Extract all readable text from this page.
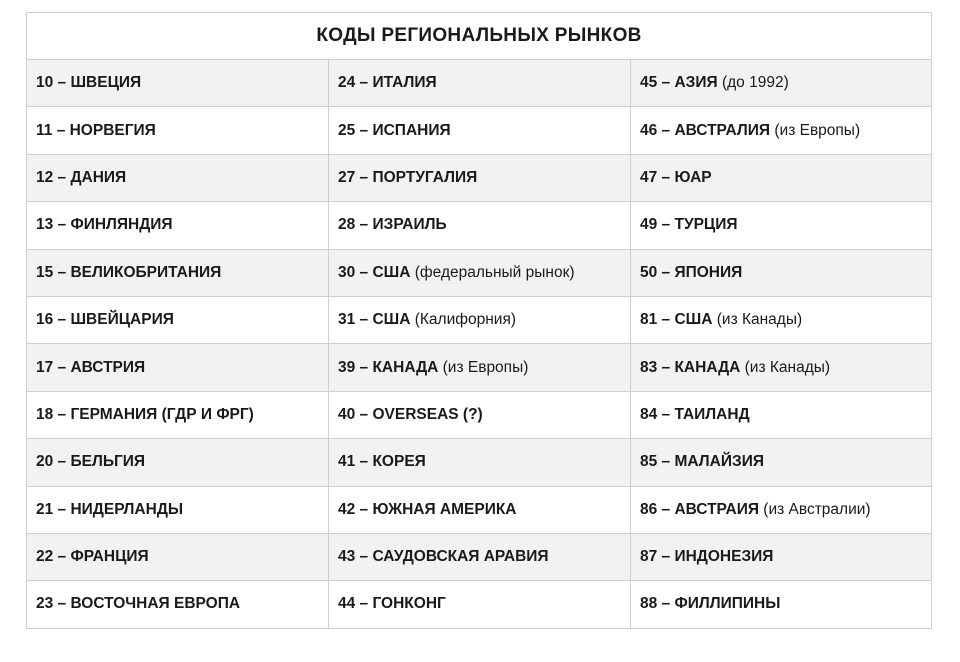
КОДЫ РЕГИОНАЛЬНЫХ РЫНКОВ		
10 – ШВЕЦИЯ	24 – ИТАЛИЯ	45 – АЗИЯ (до 1992)
11 – НОРВЕГИЯ	25 – ИСПАНИЯ	46 – АВСТРАЛИЯ (из Европы)
12 – ДАНИЯ	27 – ПОРТУГАЛИЯ	47 – ЮАР
13 – ФИНЛЯНДИЯ	28 – ИЗРАИЛЬ	49 – ТУРЦИЯ
15 – ВЕЛИКОБРИТАНИЯ	30 – США (федеральный рынок)	50 – ЯПОНИЯ
16 – ШВЕЙЦАРИЯ	31 – США (Калифорния)	81 – США (из Канады)
17 – АВСТРИЯ	39 – КАНАДА (из Европы)	83 – КАНАДА (из Канады)
18 – ГЕРМАНИЯ (ГДР И ФРГ)	40 – OVERSEAS (?)	84 – ТАИЛАНД
20 – БЕЛЬГИЯ	41 – КОРЕЯ	85 – МАЛАЙЗИЯ
21 – НИДЕРЛАНДЫ	42 – ЮЖНАЯ АМЕРИКА	86 – АВСТРАИЯ (из Австралии)
22 – ФРАНЦИЯ	43 – САУДОВСКАЯ АРАВИЯ	87 – ИНДОНЕЗИЯ
23 – ВОСТОЧНАЯ ЕВРОПА	44 – ГОНКОНГ	88 – ФИЛЛИПИНЫ
